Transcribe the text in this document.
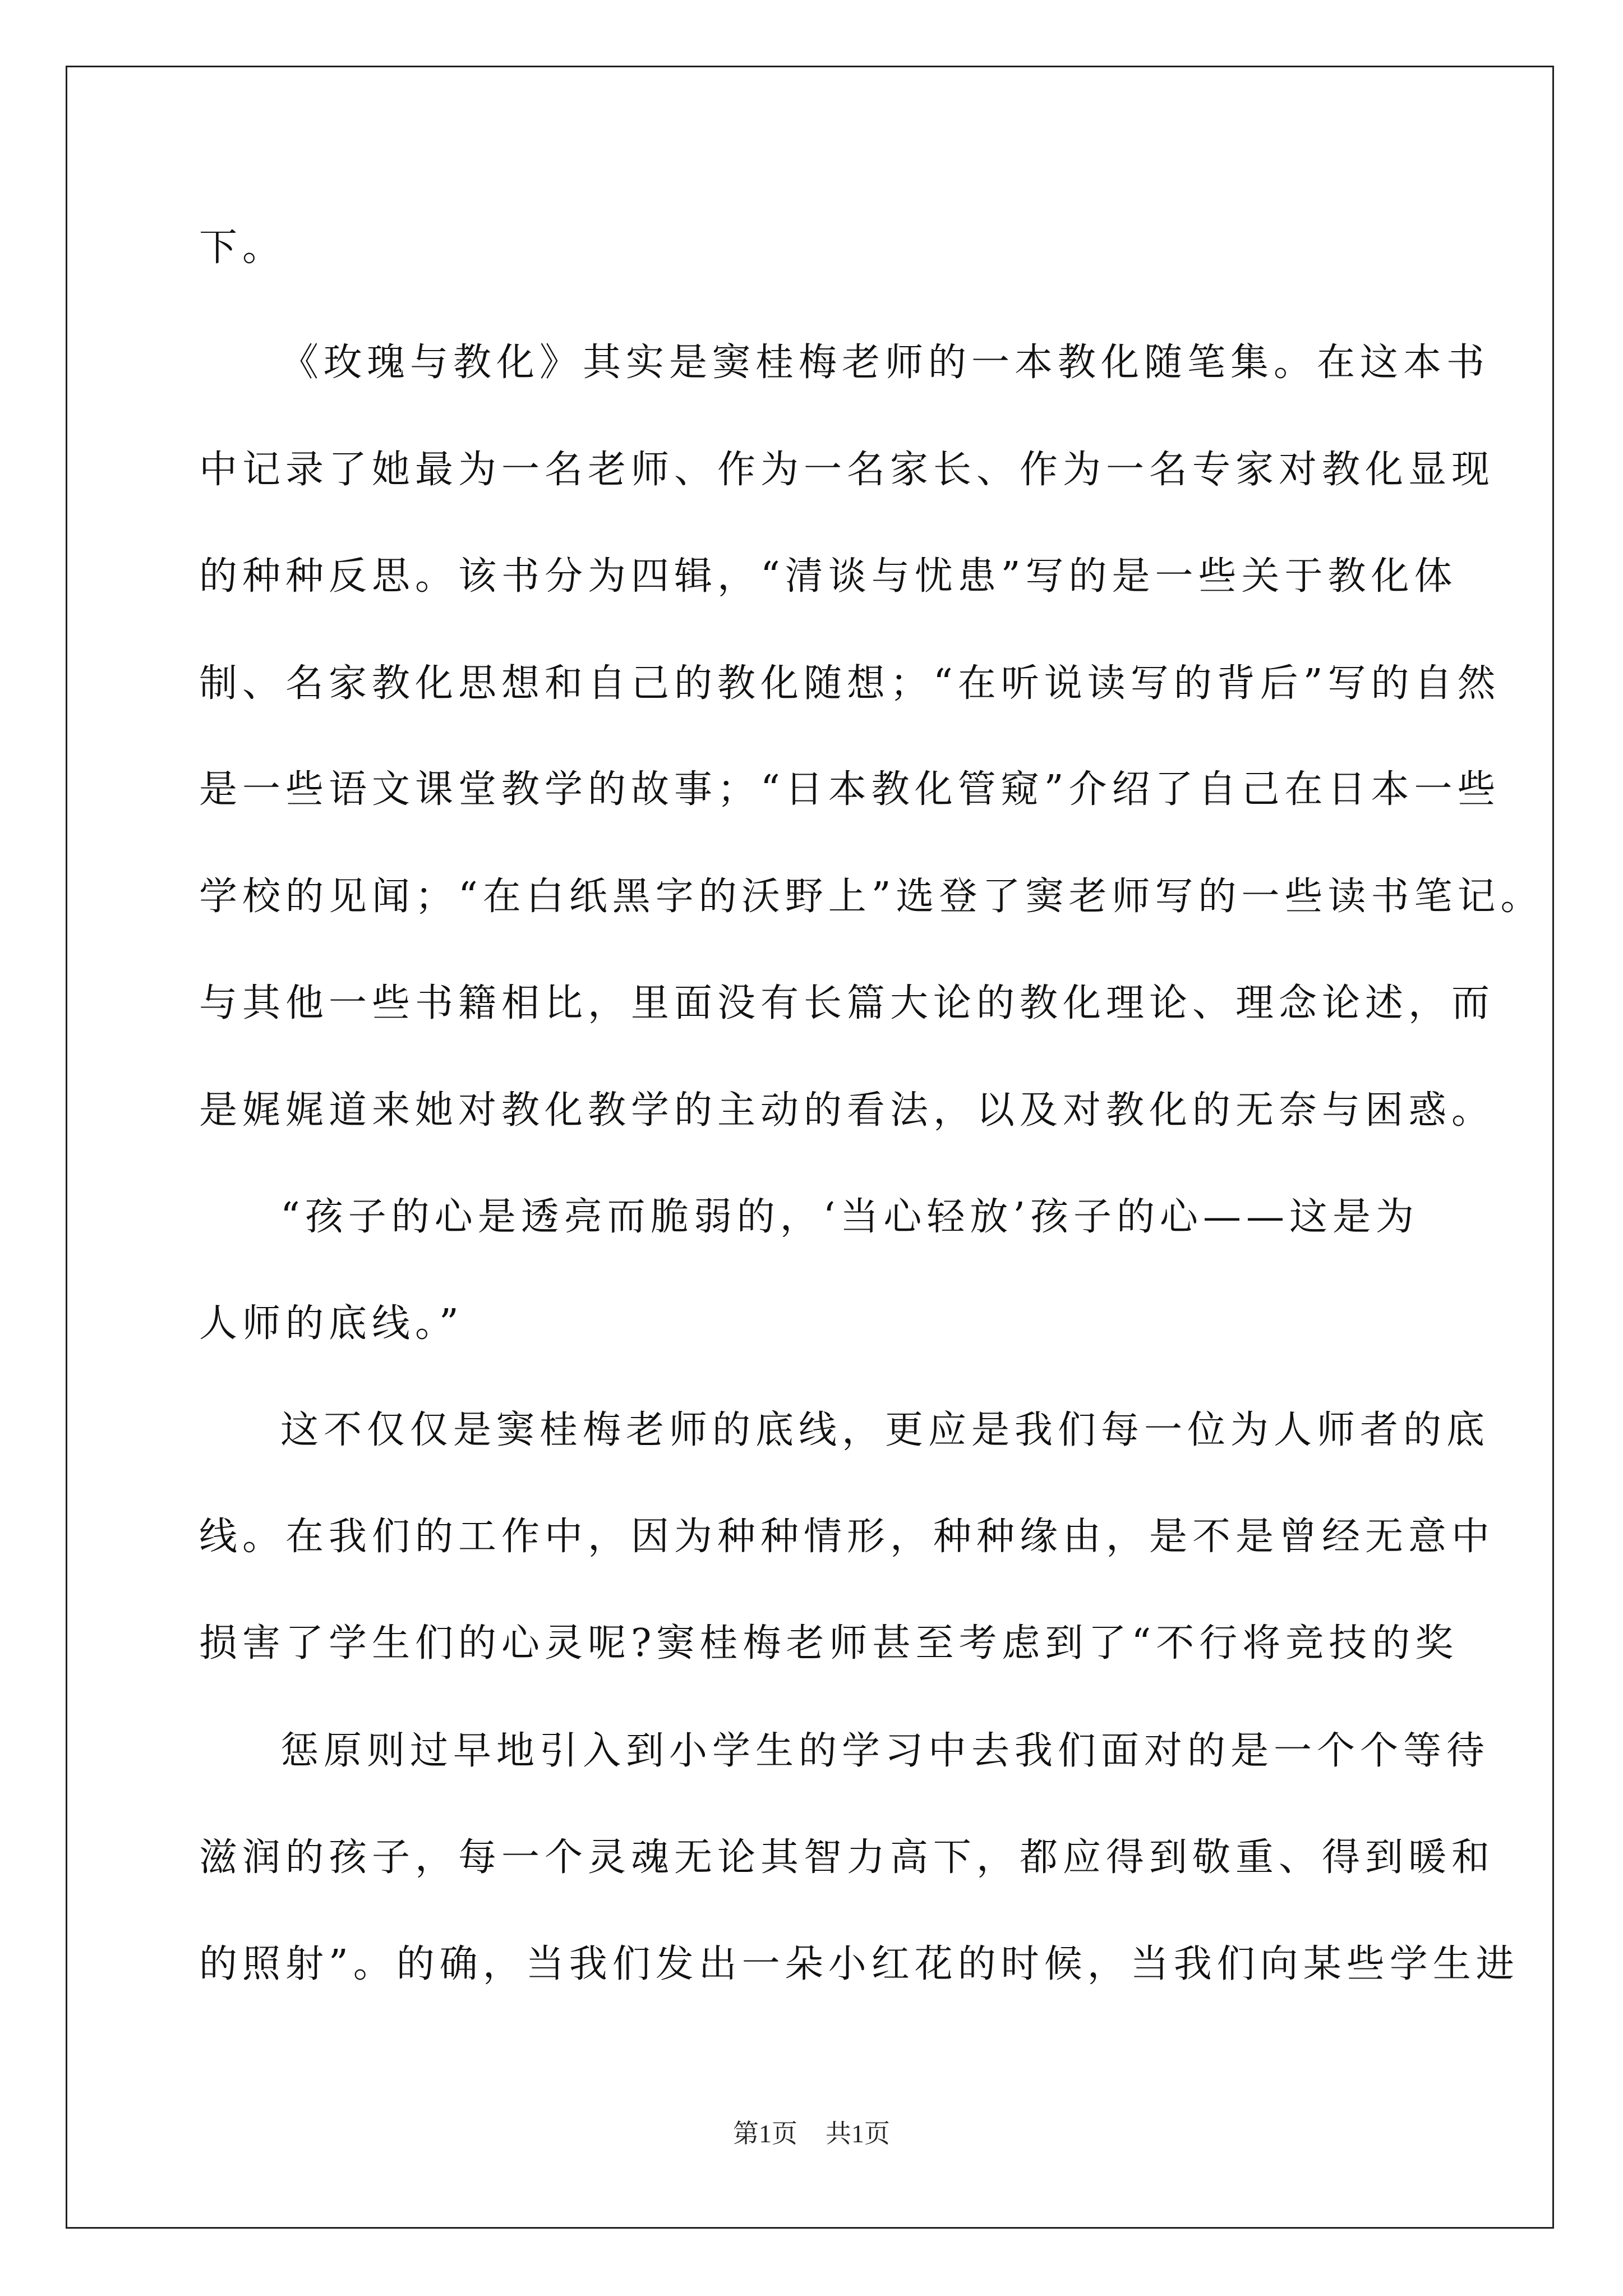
下。
《玫瑰与教化》其实是窦桂梅老师的一本教化随笔集。在这本书
中记录了她最为一名老师、作为一名家长、作为一名专家对教化显现
的种种反思。该书分为四辑，“清谈与忧患”写的是一些关于教化体
制、名家教化思想和自己的教化随想；“在听说读写的背后”写的自然
是一些语文课堂教学的故事；“日本教化管窥”介绍了自己在日本一些
学校的见闻；“在白纸黑字的沃野上”选登了窦老师写的一些读书笔记。
与其他一些书籍相比，里面没有长篇大论的教化理论、理念论述，而
是娓娓道来她对教化教学的主动的看法，以及对教化的无奈与困惑。
“孩子的心是透亮而脆弱的，‘当心轻放’孩子的心——这是为
人师的底线。”
这不仅仅是窦桂梅老师的底线，更应是我们每一位为人师者的底
线。在我们的工作中，因为种种情形，种种缘由，是不是曾经无意中
损害了学生们的心灵呢?窦桂梅老师甚至考虑到了“不行将竞技的奖
惩原则过早地引入到小学生的学习中去我们面对的是一个个等待
滋润的孩子，每一个灵魂无论其智力高下，都应得到敬重、得到暖和
的照射”。的确，当我们发出一朵小红花的时候，当我们向某些学生进
第1页 共1页
